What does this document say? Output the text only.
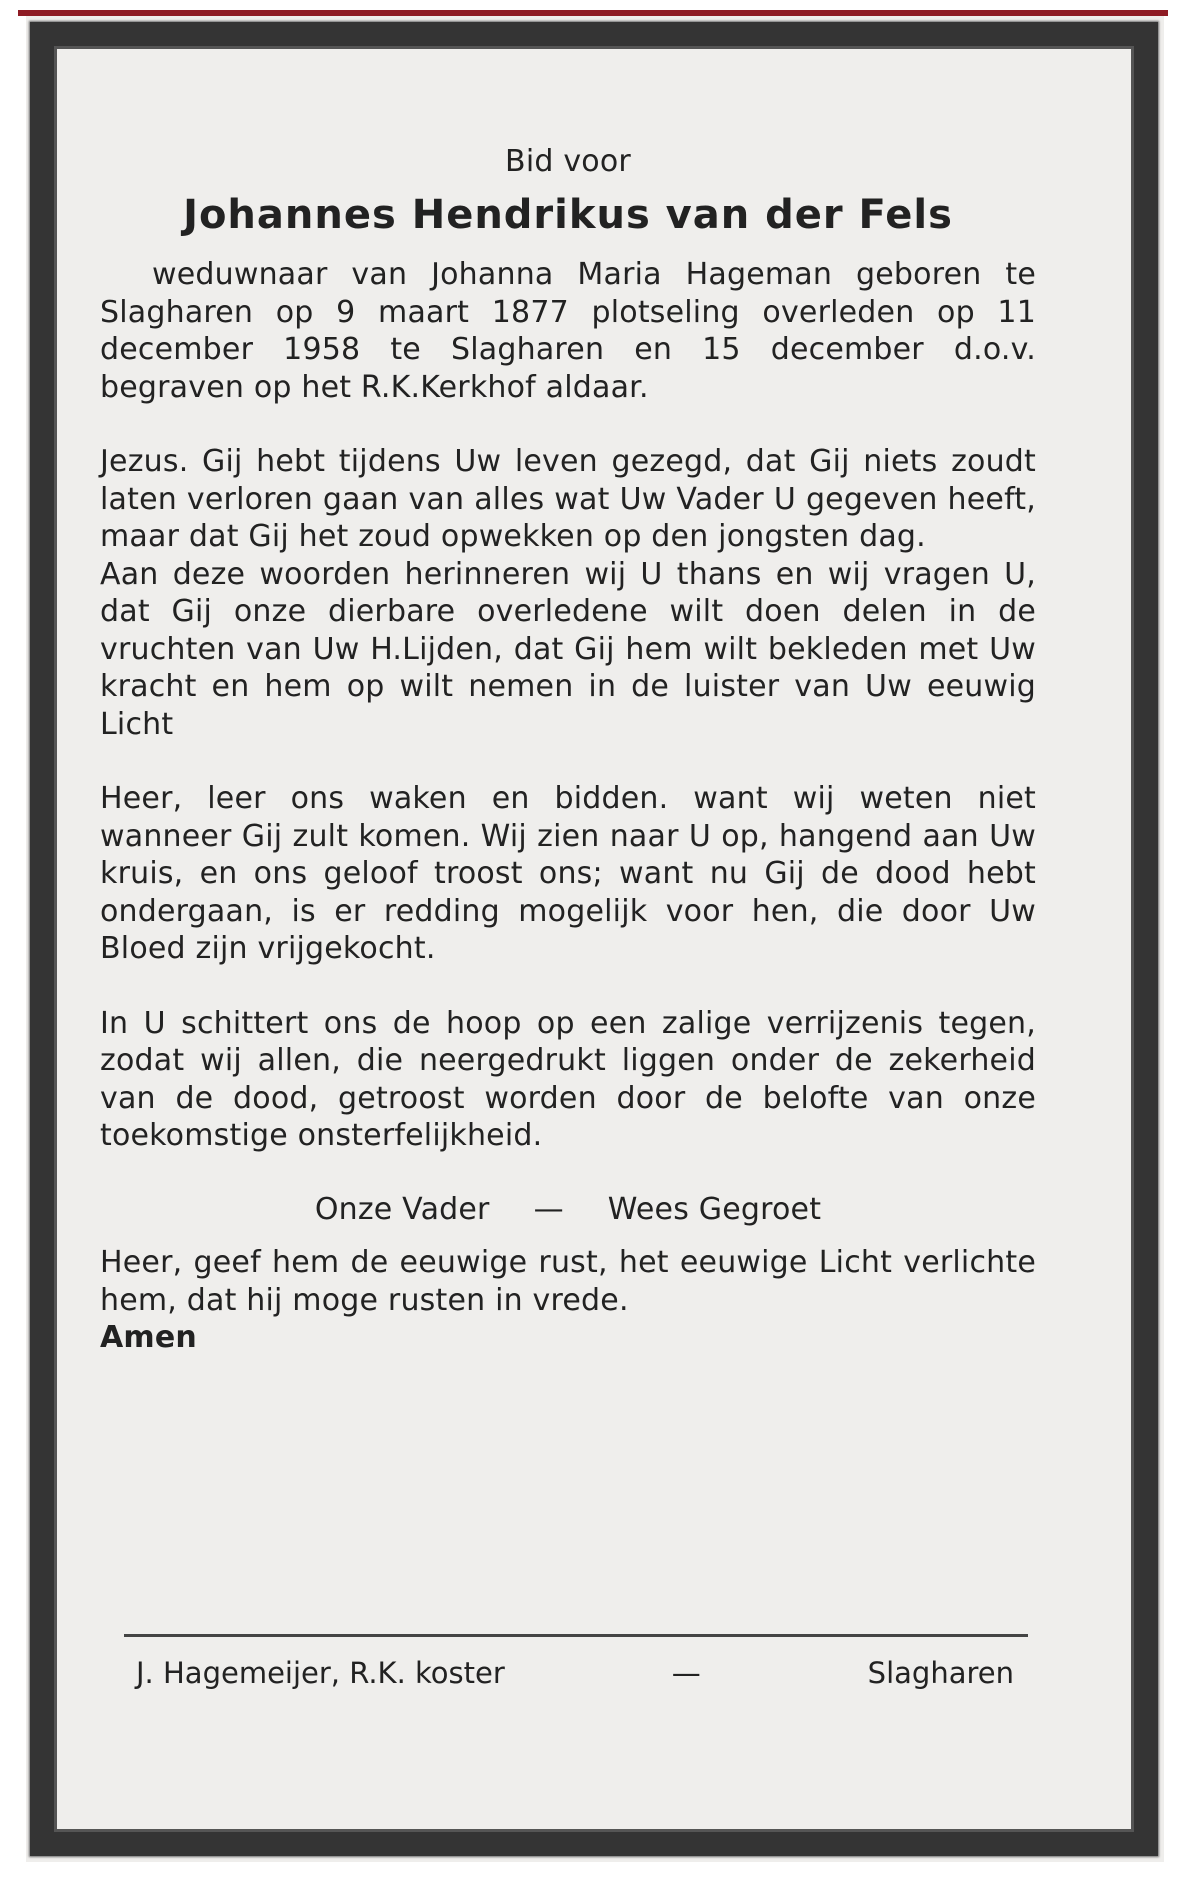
Bid voor
Johannes Hendrikus van der Fels

weduwnaar van Johanna Maria Hageman geboren te Slagharen op 9 maart 1877 plotseling overleden op 11 december 1958 te Slagharen en 15 december d.o.v. begraven op het R.K.Kerkhof aldaar.

Jezus. Gij hebt tijdens Uw leven gezegd, dat Gij niets zoudt laten verloren gaan van alles wat Uw Vader U gegeven heeft, maar dat Gij het zoud opwekken op den jongsten dag.

Aan deze woorden herinneren wij U thans en wij vragen U, dat Gij onze dierbare overledene wilt doen delen in de vruchten van Uw H.Lijden, dat Gij hem wilt bekleden met Uw kracht en hem op wilt nemen in de luister van Uw eeuwig Licht

Heer, leer ons waken en bidden. want wij weten niet wanneer Gij zult komen. Wij zien naar U op, hangend aan Uw kruis, en ons geloof troost ons; want nu Gij de dood hebt ondergaan, is er redding mogelijk voor hen, die door Uw Bloed zijn vrijgekocht.

In U schittert ons de hoop op een zalige verrijzenis tegen, zodat wij allen, die neergedrukt liggen onder de zekerheid van de dood, getroost worden door de belofte van onze toekomstige onsterfelijkheid.

Onze Vader — Wees Gegroet

Heer, geef hem de eeuwige rust, het eeuwige Licht verlichte hem, dat hij moge rusten in vrede.

Amen

J. Hagemeijer, R.K. koster	—	Slagharen
